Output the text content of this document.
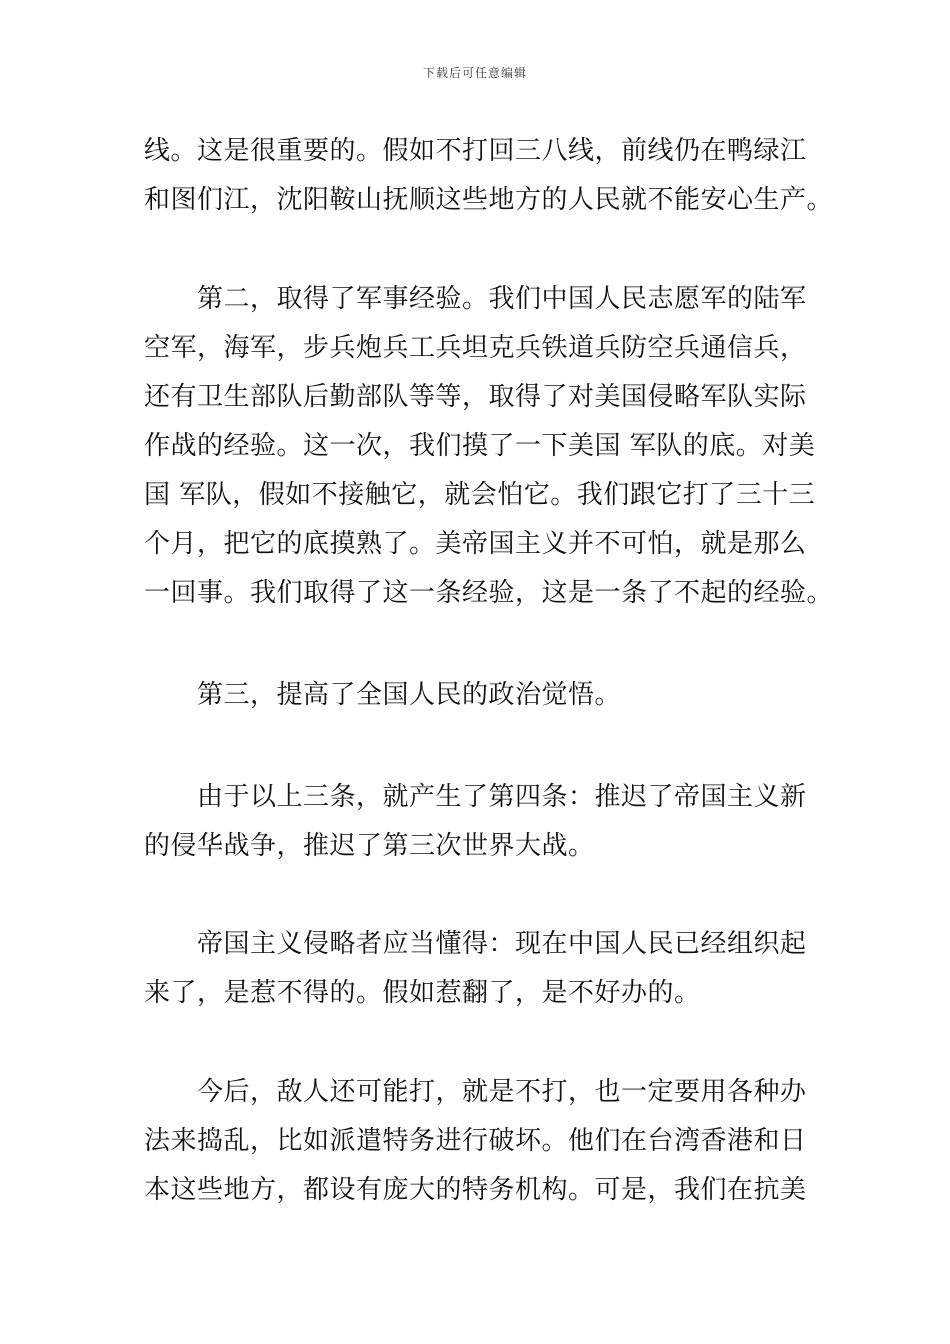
下载后可任意编辑
线。这是很重要的。假如不打回三八线，前线仍在鸭绿江
和图们江，沈阳鞍山抚顺这些地方的人民就不能安心生产。
　　第二，取得了军事经验。我们中国人民志愿军的陆军
空军，海军，步兵炮兵工兵坦克兵铁道兵防空兵通信兵，
还有卫生部队后勤部队等等，取得了对美国侵略军队实际
作战的经验。这一次，我们摸了一下美国 军队的底。对美
国 军队，假如不接触它，就会怕它。我们跟它打了三十三
个月，把它的底摸熟了。美帝国主义并不可怕，就是那么
一回事。我们取得了这一条经验，这是一条了不起的经验。
　　第三，提高了全国人民的政治觉悟。
　　由于以上三条，就产生了第四条：推迟了帝国主义新
的侵华战争，推迟了第三次世界大战。
　　帝国主义侵略者应当懂得：现在中国人民已经组织起
来了，是惹不得的。假如惹翻了，是不好办的。
　　今后，敌人还可能打，就是不打，也一定要用各种办
法来捣乱，比如派遣特务进行破坏。他们在台湾香港和日
本这些地方，都设有庞大的特务机构。可是，我们在抗美
